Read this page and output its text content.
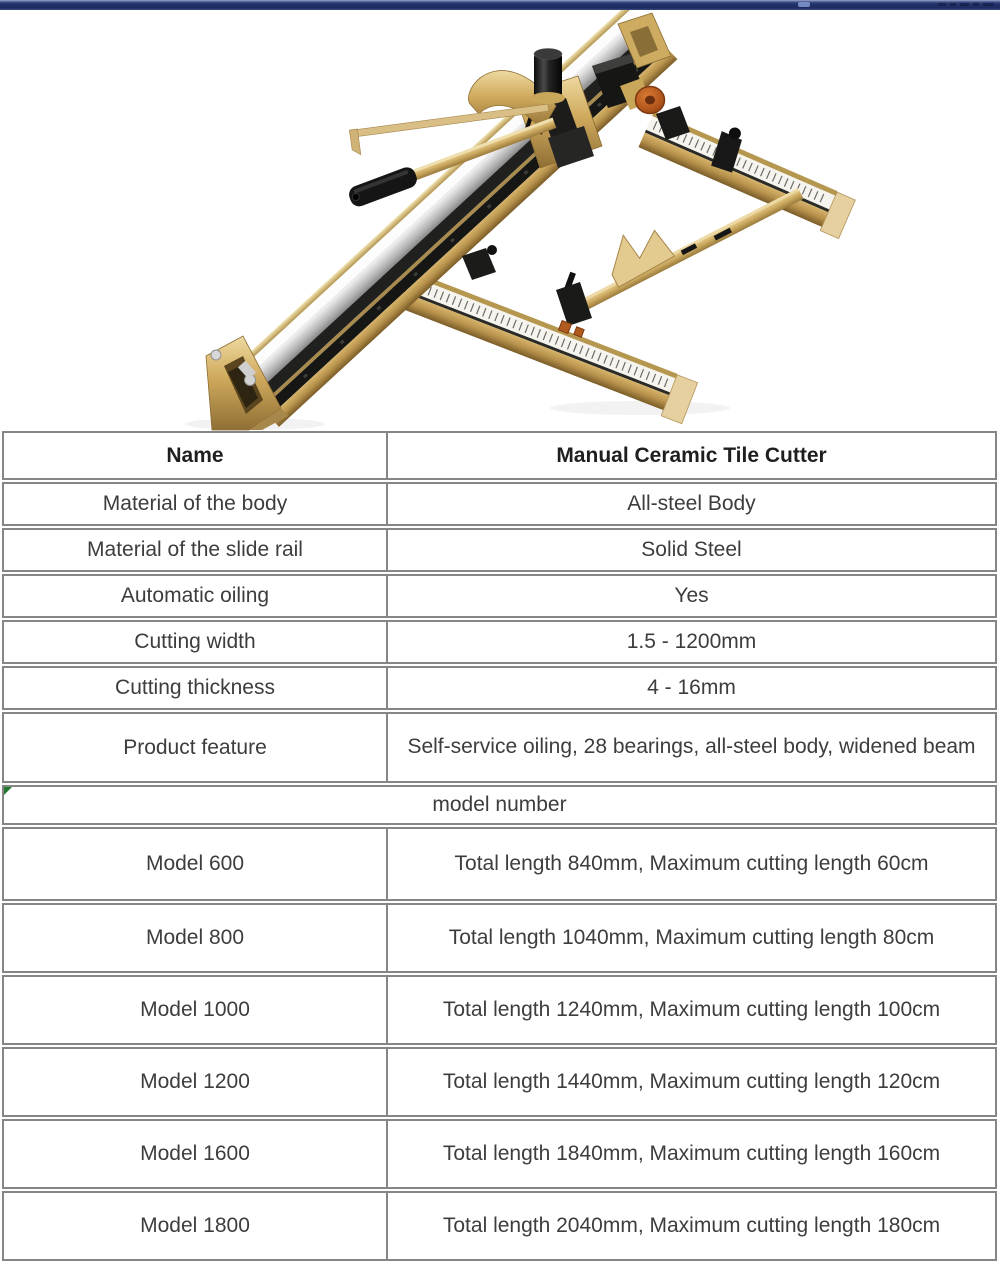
Name	Manual Ceramic Tile Cutter
Material of the body	All-steel Body
Material of the slide rail	Solid Steel
Automatic oiling	Yes
Cutting width	1.5 - 1200mm
Cutting thickness	4 - 16mm
Product feature	Self-service oiling, 28 bearings, all-steel body, widened beam
model number
Model 600	Total length 840mm, Maximum cutting length 60cm
Model 800	Total length 1040mm, Maximum cutting length 80cm
Model 1000	Total length 1240mm, Maximum cutting length 100cm
Model 1200	Total length 1440mm, Maximum cutting length 120cm
Model 1600	Total length 1840mm, Maximum cutting length 160cm
Model 1800	Total length 2040mm, Maximum cutting length 180cm
